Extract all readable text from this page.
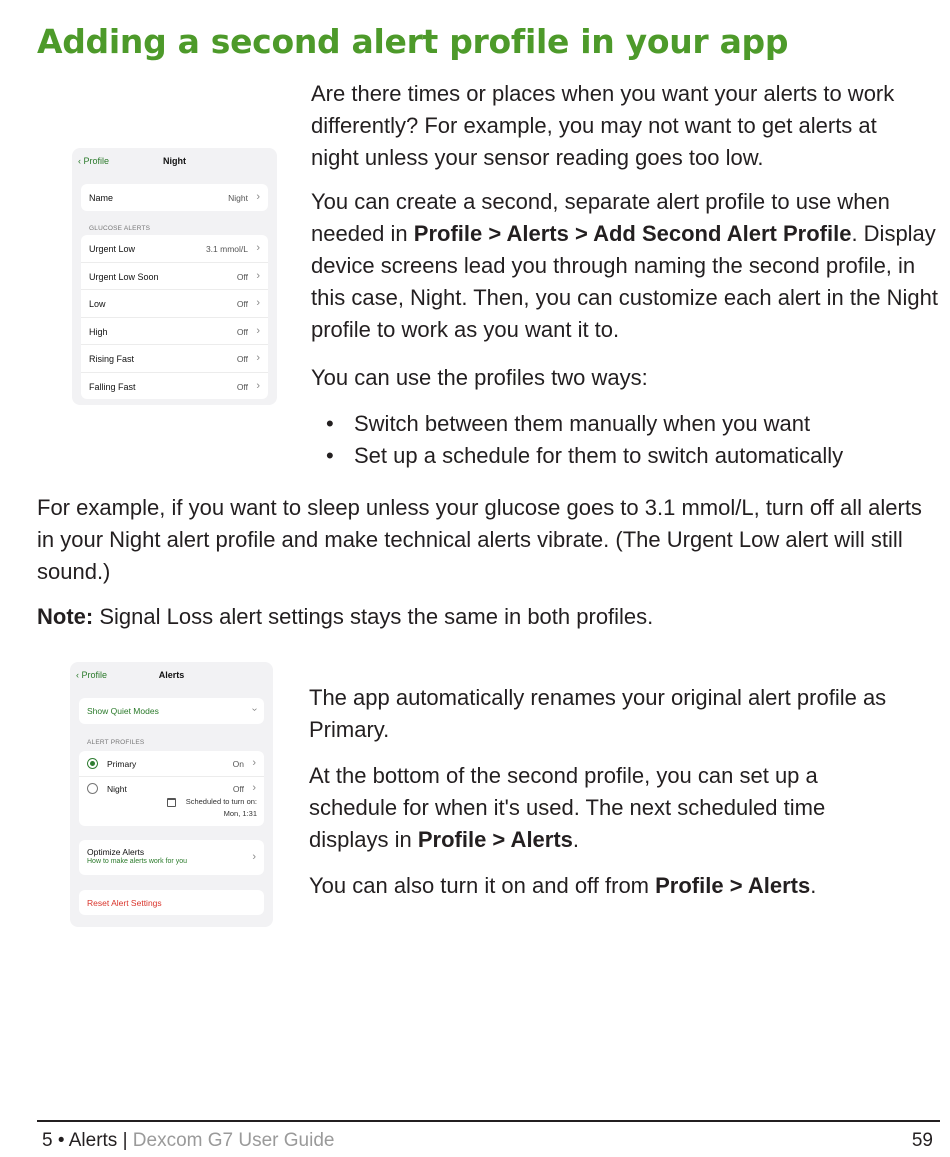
Adding a second alert profile in your app
‹ Profile	Night
Name	Night ›
GLUCOSE ALERTS
Urgent Low	3.1 mmol/L ›
Urgent Low Soon	Off ›
Low	Off ›
High	Off ›
Rising Fast	Off ›
Falling Fast	Off ›

Are there times or places when you want your alerts to work differently? For example, you may not want to get alerts at night unless your sensor reading goes too low.

You can create a second, separate alert profile to use when needed in Profile > Alerts > Add Second Alert Profile. Display device screens lead you through naming the second profile, in this case, Night. Then, you can customize each alert in the Night profile to work as you want it to.

You can use the profiles two ways:

• Switch between them manually when you want
• Set up a schedule for them to switch automatically

For example, if you want to sleep unless your glucose goes to 3.1 mmol/L, turn off all alerts in your Night alert profile and make technical alerts vibrate. (The Urgent Low alert will still sound.)

Note: Signal Loss alert settings stays the same in both profiles.

‹ Profile	Alerts
Show Quiet Modes	›
ALERT PROFILES
Primary	On ›
Night	Off ›
Scheduled to turn on:
Mon, 1:31
Optimize Alerts
How to make alerts work for you	›
Reset Alert Settings

The app automatically renames your original alert profile as Primary.

At the bottom of the second profile, you can set up a schedule for when it's used. The next scheduled time displays in Profile > Alerts.

You can also turn it on and off from Profile > Alerts.

5 • Alerts | Dexcom G7 User Guide	59
